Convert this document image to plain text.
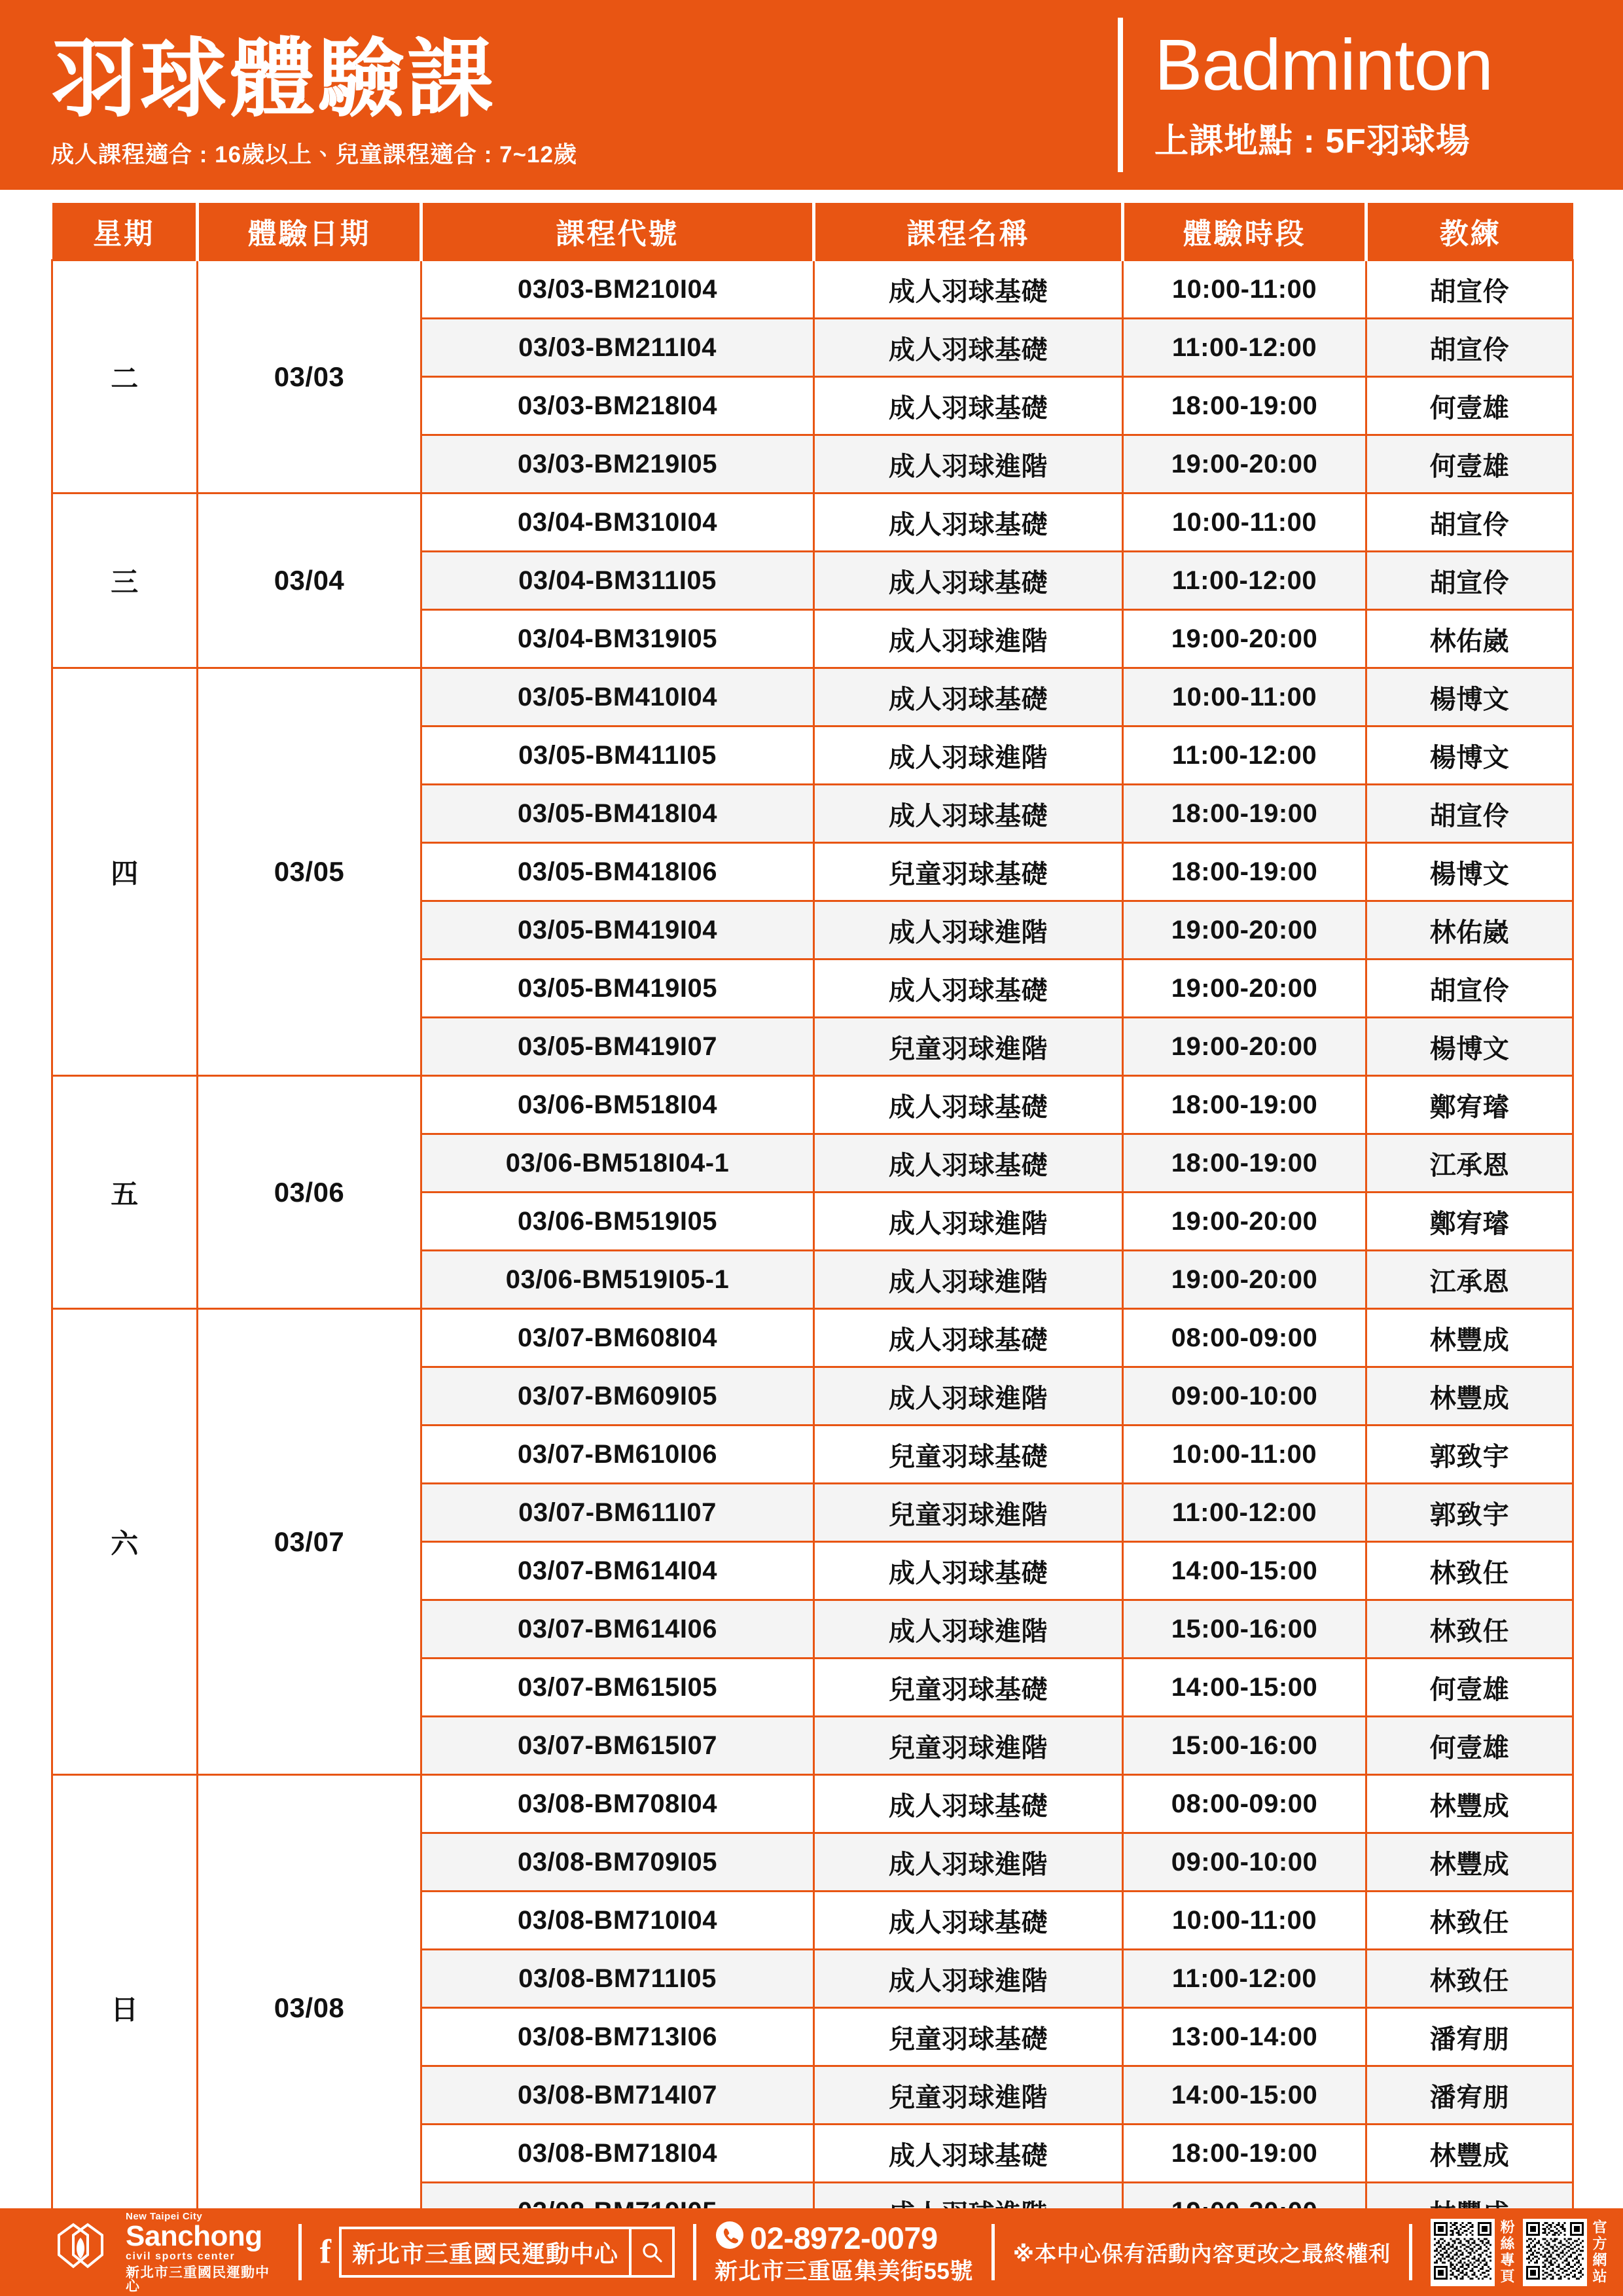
羽球體驗課
成人課程適合 : 16歲以上、兒童課程適合 : 7~12歲
Badminton
上課地點 : 5F羽球場
星期	體驗日期	課程代號	課程名稱	體驗時段	教練
二	03/03	03/03-BM210I04	成人羽球基礎	10:00-11:00	胡宣伶
		03/03-BM211I04	成人羽球基礎	11:00-12:00	胡宣伶
		03/03-BM218I04	成人羽球基礎	18:00-19:00	何壹雄
		03/03-BM219I05	成人羽球進階	19:00-20:00	何壹雄
三	03/04	03/04-BM310I04	成人羽球基礎	10:00-11:00	胡宣伶
		03/04-BM311I05	成人羽球基礎	11:00-12:00	胡宣伶
		03/04-BM319I05	成人羽球進階	19:00-20:00	林佑崴
四	03/05	03/05-BM410I04	成人羽球基礎	10:00-11:00	楊博文
		03/05-BM411I05	成人羽球進階	11:00-12:00	楊博文
		03/05-BM418I04	成人羽球基礎	18:00-19:00	胡宣伶
		03/05-BM418I06	兒童羽球基礎	18:00-19:00	楊博文
		03/05-BM419I04	成人羽球進階	19:00-20:00	林佑崴
		03/05-BM419I05	成人羽球基礎	19:00-20:00	胡宣伶
		03/05-BM419I07	兒童羽球進階	19:00-20:00	楊博文
五	03/06	03/06-BM518I04	成人羽球基礎	18:00-19:00	鄭宥璿
		03/06-BM518I04-1	成人羽球基礎	18:00-19:00	江承恩
		03/06-BM519I05	成人羽球進階	19:00-20:00	鄭宥璿
		03/06-BM519I05-1	成人羽球進階	19:00-20:00	江承恩
六	03/07	03/07-BM608I04	成人羽球基礎	08:00-09:00	林豐成
		03/07-BM609I05	成人羽球進階	09:00-10:00	林豐成
		03/07-BM610I06	兒童羽球基礎	10:00-11:00	郭致宇
		03/07-BM611I07	兒童羽球進階	11:00-12:00	郭致宇
		03/07-BM614I04	成人羽球基礎	14:00-15:00	林致任
		03/07-BM614I06	成人羽球進階	15:00-16:00	林致任
		03/07-BM615I05	兒童羽球基礎	14:00-15:00	何壹雄
		03/07-BM615I07	兒童羽球進階	15:00-16:00	何壹雄
日	03/08	03/08-BM708I04	成人羽球基礎	08:00-09:00	林豐成
		03/08-BM709I05	成人羽球進階	09:00-10:00	林豐成
		03/08-BM710I04	成人羽球基礎	10:00-11:00	林致任
		03/08-BM711I05	成人羽球進階	11:00-12:00	林致任
		03/08-BM713I06	兒童羽球基礎	13:00-14:00	潘宥朋
		03/08-BM714I07	兒童羽球進階	14:00-15:00	潘宥朋
		03/08-BM718I04	成人羽球基礎	18:00-19:00	林豐成

New Taipei City
Sanchong
civil sports center
新北市三重國民運動中心
f 新北市三重國民運動中心	02-8972-0079
新北市三重區集美街55號
※本中心保有活動內容更改之最終權利	粉絲專頁	官方網站
